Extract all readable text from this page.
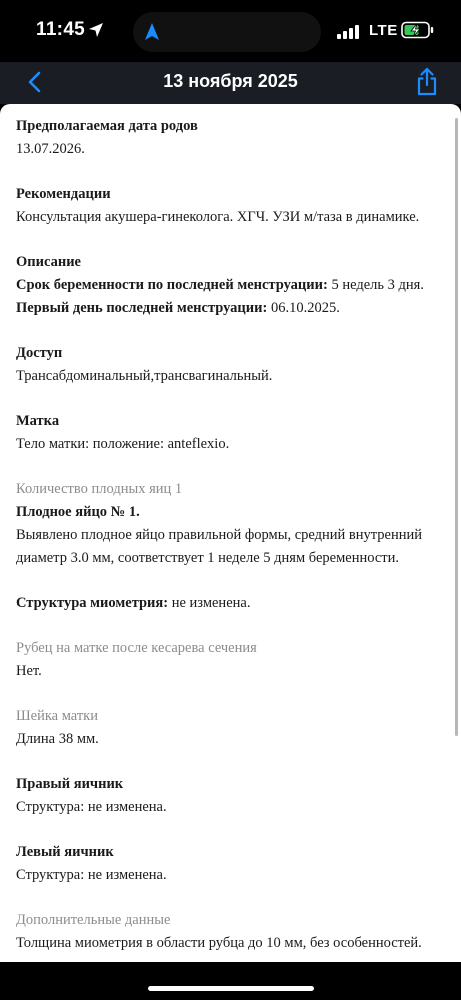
11:45	LTE
13 ноября 2025
Предполагаемая дата родов
13.07.2026.
Рекомендации
Консультация акушера-гинеколога. ХГЧ. УЗИ м/таза в динамике.
Описание
Срок беременности по последней менструации: 5 недель 3 дня.
Первый день последней менструации: 06.10.2025.
Доступ
Трансабдоминальный,трансвагинальный.
Матка
Тело матки: положение: anteflexio.
Количество плодных яиц 1
Плодное яйцо № 1.
Выявлено плодное яйцо правильной формы, средний внутренний
диаметр 3.0 мм, соответствует 1 неделе 5 дням беременности.
Структура миометрия: не изменена.
Рубец на матке после кесарева сечения
Нет.
Шейка матки
Длина 38 мм.
Правый яичник
Структура: не изменена.
Левый яичник
Структура: не изменена.
Дополнительные данные
Толщина миометрия в области рубца до 10 мм, без особенностей.
